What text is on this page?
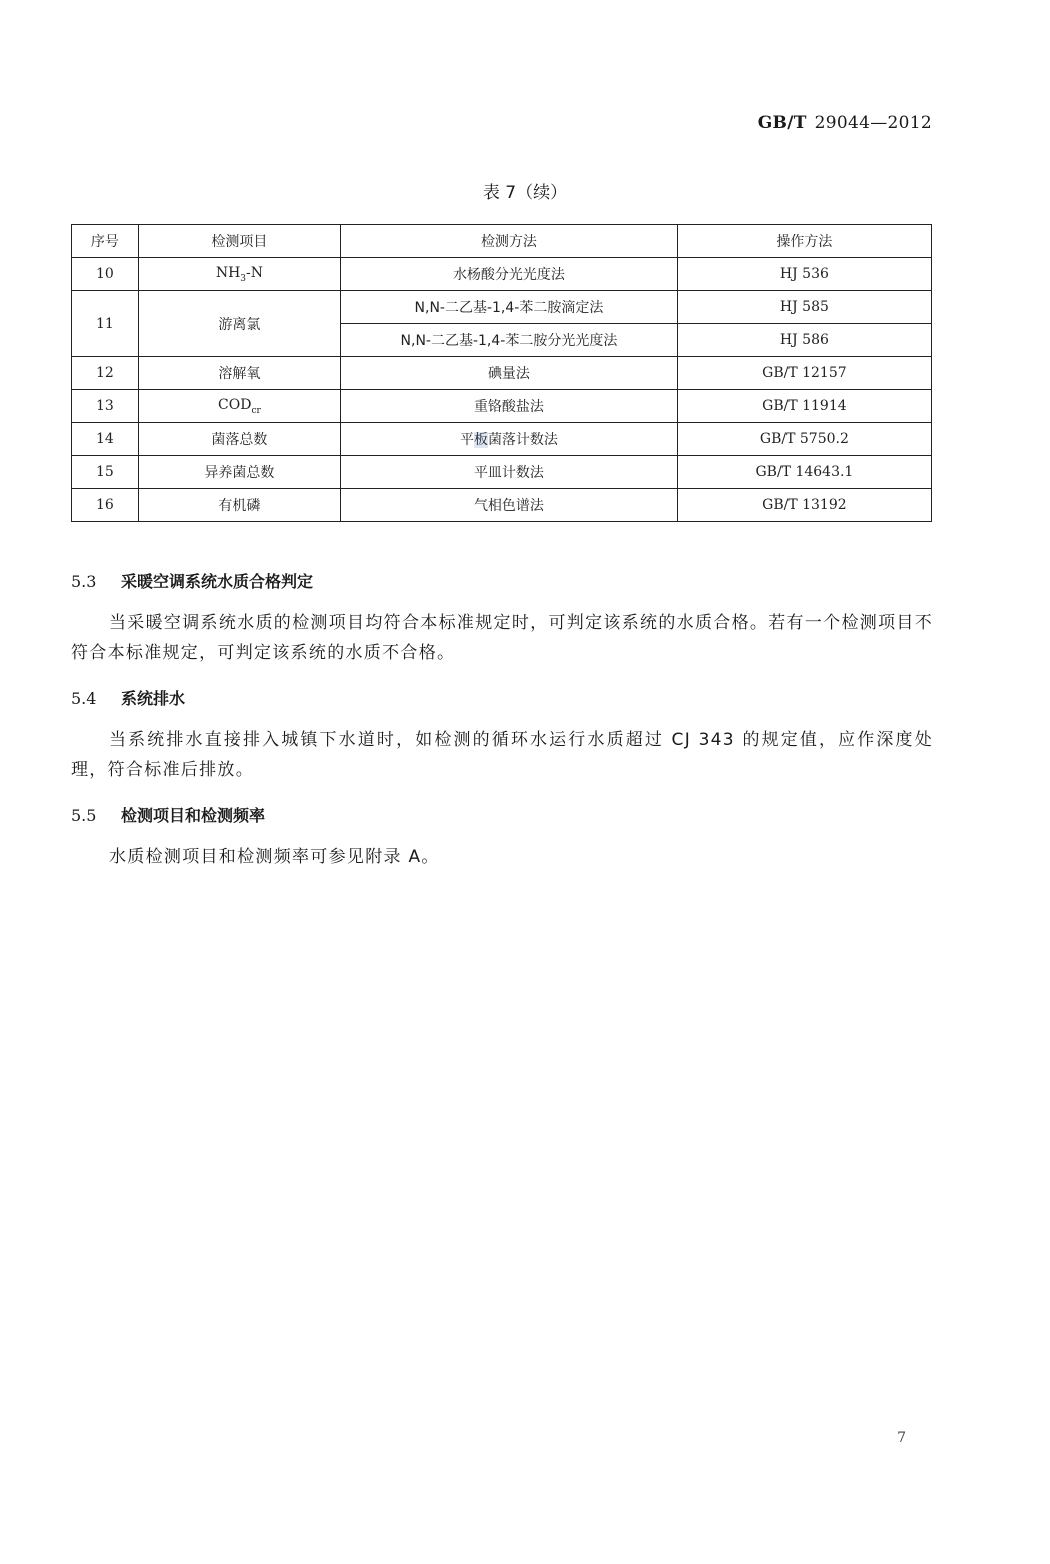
GB/T 29044—2012
表 7（续）
序号	检测项目	检测方法	操作方法
10	$NH_3-N$	水杨酸分光光度法	HJ 536
11	游离氯	N,N-二乙基-1,4-苯二胺滴定法	HJ 585
		N,N-二乙基-1,4-苯二胺分光光度法	HJ 586
12	溶解氧	碘量法	GB/T 12157
13	$COD_{cr}$	重铬酸盐法	GB/T 11914
14	菌落总数	平板菌落计数法	GB/T 5750.2
15	异养菌总数	平皿计数法	GB/T 14643.1
16	有机磷	气相色谱法	GB/T 13192
5.3 采暖空调系统水质合格判定
当采暖空调系统水质的检测项目均符合本标准规定时，可判定该系统的水质合格。若有一个检测项目不符合本标准规定，可判定该系统的水质不合格。
5.4 系统排水
当系统排水直接排入城镇下水道时，如检测的循环水运行水质超过 CJ 343 的规定值，应作深度处理，符合标准后排放。
5.5 检测项目和检测频率
水质检测项目和检测频率可参见附录 A。
7
